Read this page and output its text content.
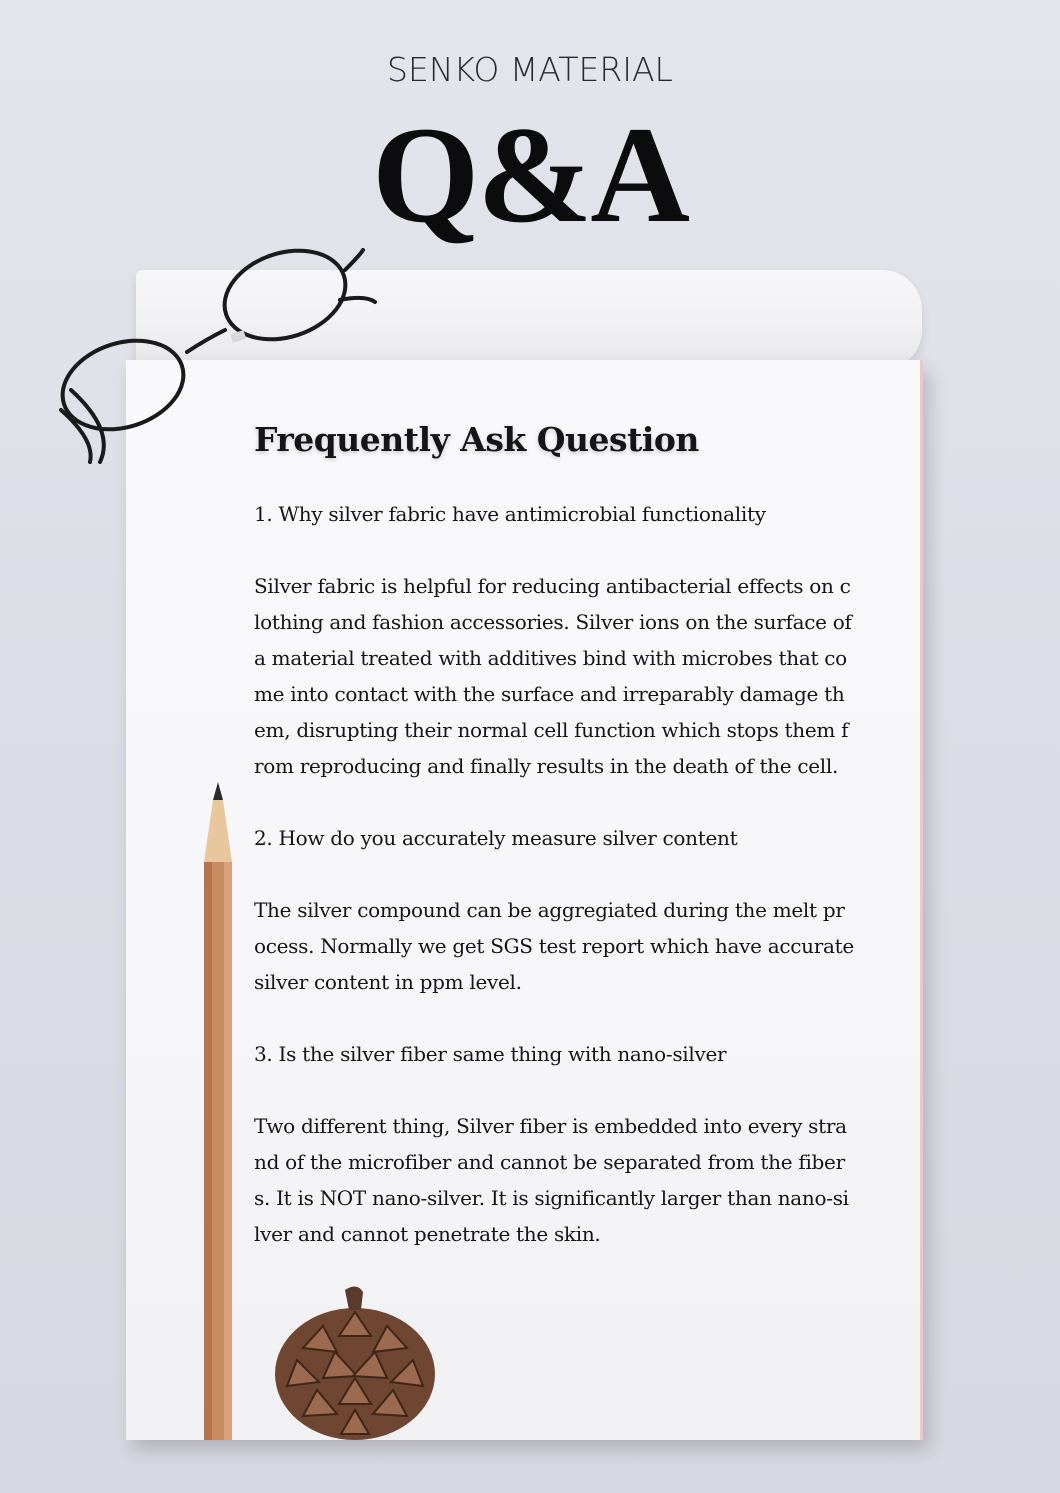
SENKO MATERIAL
Q&A
Frequently Ask Question

1. Why silver fabric have antimicrobial functionality

Silver fabric is helpful for reducing antibacterial effects on clothing and fashion accessories. Silver ions on the surface of a material treated with additives bind with microbes that come into contact with the surface and irreparably damage them, disrupting their normal cell function which stops them from reproducing and finally results in the death of the cell.

2. How do you accurately measure silver content

The silver compound can be aggregiated during the melt process. Normally we get SGS test report which have accurate silver content in ppm level.

3. Is the silver fiber same thing with nano-silver

Two different thing, Silver fiber is embedded into every strand of the microfiber and cannot be separated from the fibers. It is NOT nano-silver. It is significantly larger than nano-silver and cannot penetrate the skin.
